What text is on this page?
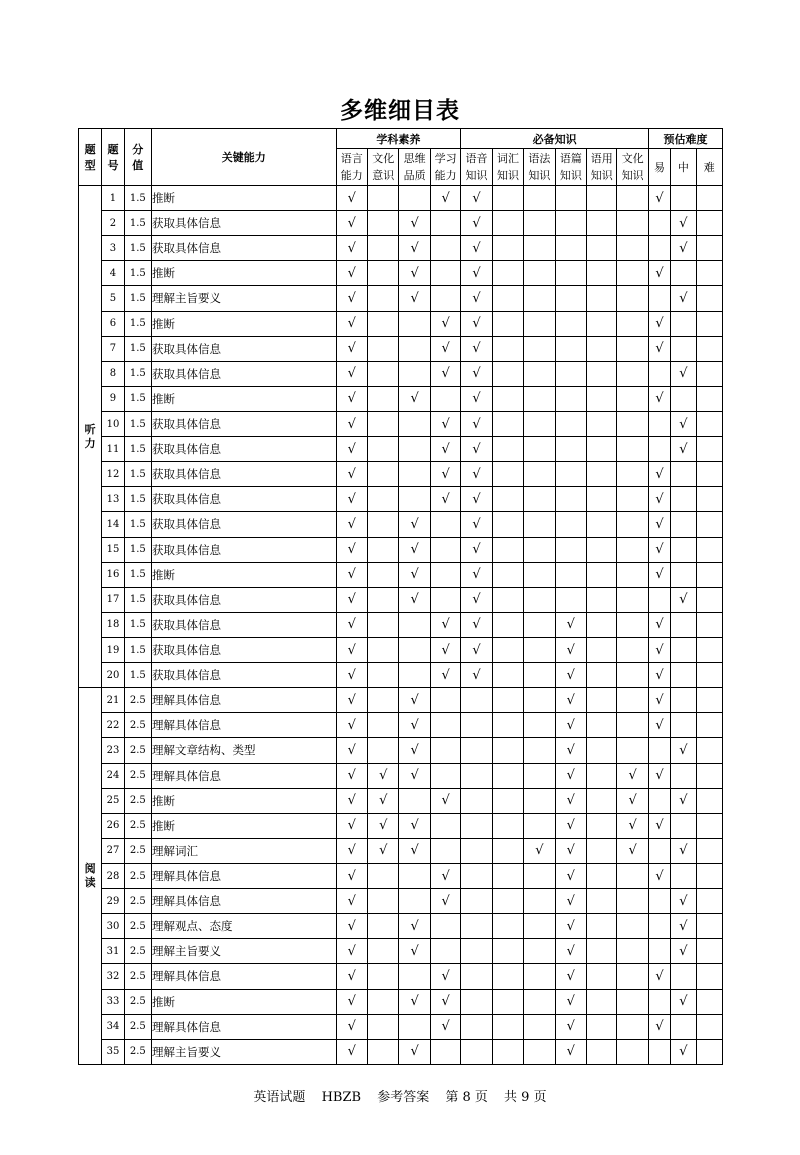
多维细目表
题型	题号	分值	关键能力	学科素养				必备知识						预估难度		
				语言能力	文化意识	思维品质	学习能力	语音知识	词汇知识	语法知识	语篇知识	语用知识	文化知识	易	中	难
听力	1	1.5	推断	√			√	√						√		
	2	1.5	获取具体信息	√		√		√							√	
	3	1.5	获取具体信息	√		√		√							√	
	4	1.5	推断	√		√		√						√		
	5	1.5	理解主旨要义	√		√		√							√	
	6	1.5	推断	√			√	√						√		
	7	1.5	获取具体信息	√			√	√						√		
	8	1.5	获取具体信息	√			√	√							√	
	9	1.5	推断	√		√		√						√		
	10	1.5	获取具体信息	√			√	√							√	
	11	1.5	获取具体信息	√			√	√							√	
	12	1.5	获取具体信息	√			√	√						√		
	13	1.5	获取具体信息	√			√	√						√		
	14	1.5	获取具体信息	√		√		√						√		
	15	1.5	获取具体信息	√		√		√						√		
	16	1.5	推断	√		√		√						√		
	17	1.5	获取具体信息	√		√		√							√	
	18	1.5	获取具体信息	√			√	√			√			√		
	19	1.5	获取具体信息	√			√	√			√			√		
	20	1.5	获取具体信息	√			√	√			√			√		
阅读	21	2.5	理解具体信息	√		√					√			√		
	22	2.5	理解具体信息	√		√					√			√		
	23	2.5	理解文章结构、类型	√		√					√				√	
	24	2.5	理解具体信息	√	√	√					√		√	√		
	25	2.5	推断	√	√		√				√		√		√	
	26	2.5	推断	√	√	√					√		√	√		
	27	2.5	理解词汇	√	√	√				√	√		√		√	
	28	2.5	理解具体信息	√			√				√			√		
	29	2.5	理解具体信息	√			√				√				√	
	30	2.5	理解观点、态度	√		√					√				√	
	31	2.5	理解主旨要义	√		√					√				√	
	32	2.5	理解具体信息	√			√				√			√		
	33	2.5	推断	√		√	√				√				√	
	34	2.5	理解具体信息	√			√				√			√		
	35	2.5	理解主旨要义	√		√					√				√	
英语试题 HBZB 参考答案 第 8 页 共 9 页
